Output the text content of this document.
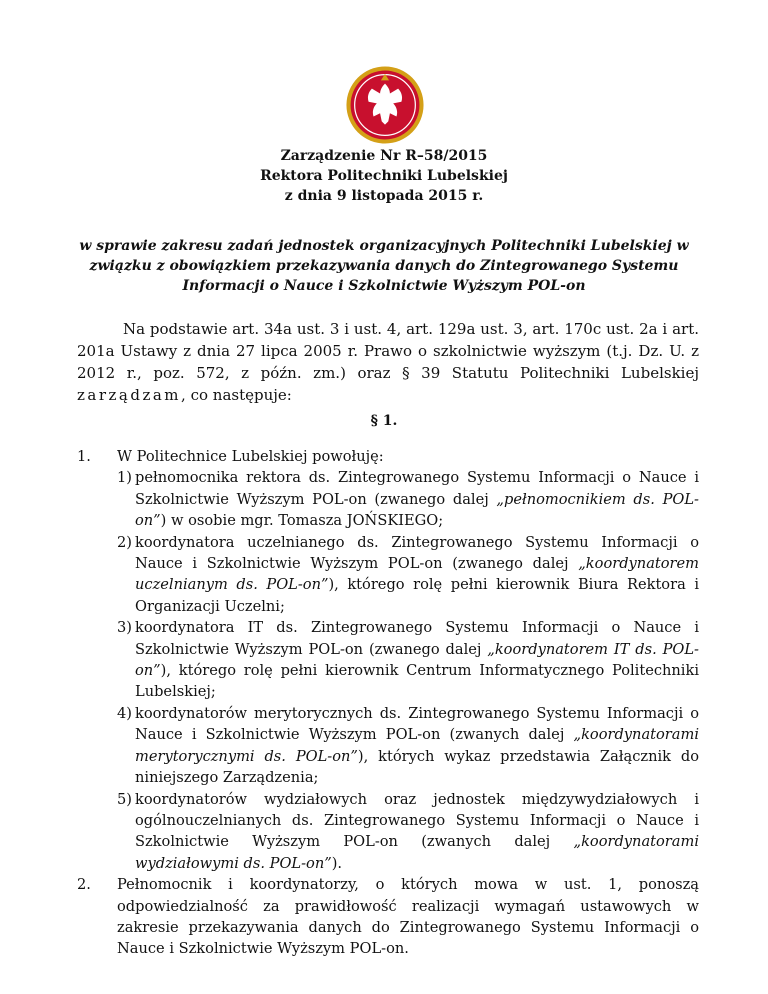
Zarządzenie Nr R–58/2015
Rektora Politechniki Lubelskiej
z dnia 9 listopada 2015 r.
w sprawie zakresu zadań jednostek organizacyjnych Politechniki Lubelskiej w związku z obowiązkiem przekazywania danych do Zintegrowanego Systemu Informacji o Nauce i Szkolnictwie Wyższym POL-on

Na podstawie art. 34a ust. 3 i ust. 4, art. 129a ust. 3, art. 170c ust. 2a i art. 201a Ustawy z dnia 27 lipca 2005 r. Prawo o szkolnictwie wyższym (t.j. Dz. U. z 2012 r., poz. 572, z późn. zm.) oraz § 39 Statutu Politechniki Lubelskiej zarządzam, co następuje:

§ 1.
1. W Politechnice Lubelskiej powołuję:
1) pełnomocnika rektora ds. Zintegrowanego Systemu Informacji o Nauce i Szkolnictwie Wyższym POL-on (zwanego dalej „pełnomocnikiem ds. POL-on”) w osobie mgr. Tomasza JOŃSKIEGO;
2) koordynatora uczelnianego ds. Zintegrowanego Systemu Informacji o Nauce i Szkolnictwie Wyższym POL-on (zwanego dalej „koordynatorem uczelnianym ds. POL-on”), którego rolę pełni kierownik Biura Rektora i Organizacji Uczelni;
3) koordynatora IT ds. Zintegrowanego Systemu Informacji o Nauce i Szkolnictwie Wyższym POL-on (zwanego dalej „koordynatorem IT ds. POL-on”), którego rolę pełni kierownik Centrum Informatycznego Politechniki Lubelskiej;
4) koordynatorów merytorycznych ds. Zintegrowanego Systemu Informacji o Nauce i Szkolnictwie Wyższym POL-on (zwanych dalej „koordynatorami merytorycznymi ds. POL-on”), których wykaz przedstawia Załącznik do niniejszego Zarządzenia;
5) koordynatorów wydziałowych oraz jednostek międzywydziałowych i ogólnouczelnianych ds. Zintegrowanego Systemu Informacji o Nauce i Szkolnictwie Wyższym POL-on (zwanych dalej „koordynatorami wydziałowymi ds. POL-on”).
2. Pełnomocnik i koordynatorzy, o których mowa w ust. 1, ponoszą odpowiedzialność za prawidłowość realizacji wymagań ustawowych w zakresie przekazywania danych do Zintegrowanego Systemu Informacji o Nauce i Szkolnictwie Wyższym POL-on.
